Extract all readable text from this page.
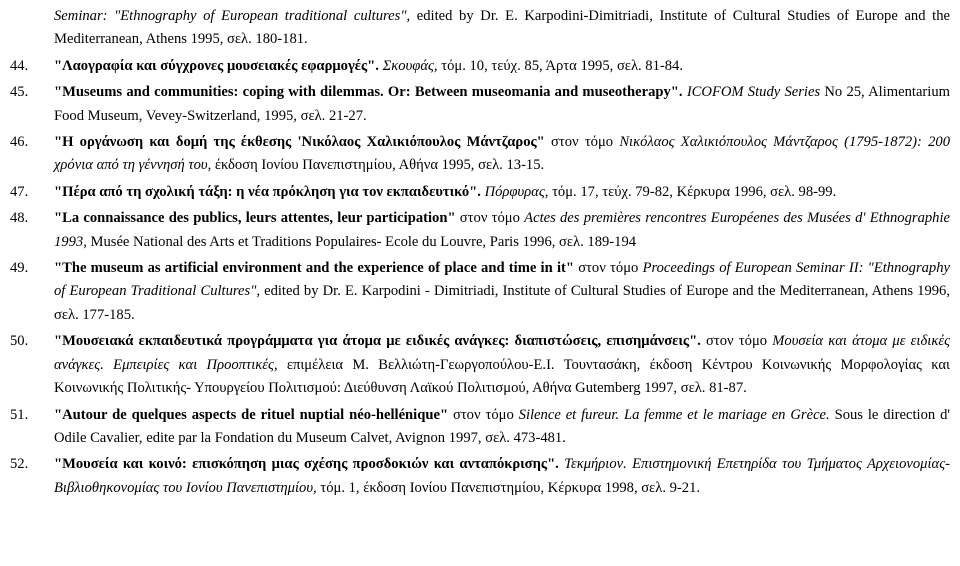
Seminar: "Ethnography of European traditional cultures", edited by Dr. E. Karpodini-Dimitriadi, Institute of Cultural Studies of Europe and the Mediterranean, Athens 1995, σελ. 180-181.
44.	"Λαογραφία και σύγχρονες μουσειακές εφαρμογές". Σκουφάς, τόμ. 10, τεύχ. 85, Άρτα 1995, σελ. 81-84.
45.	"Museums and communities: coping with dilemmas. Or: Between museomania and museotherapy". ICOFOM Study Series No 25, Alimentarium Food Museum, Vevey-Switzerland, 1995, σελ. 21-27.
46.	"Η οργάνωση και δομή της έκθεσης 'Νικόλαος Χαλικιόπουλος Μάντζαρος" στον τόμο Νικόλαος Χαλικιόπουλος Μάντζαρος (1795-1872): 200 χρόνια από τη γέννησή του, έκδοση Ιονίου Πανεπιστημίου, Αθήνα 1995, σελ. 13-15.
47.	"Πέρα από τη σχολική τάξη: η νέα πρόκληση για τον εκπαιδευτικό". Πόρφυρας, τόμ. 17, τεύχ. 79-82, Κέρκυρα 1996, σελ. 98-99.
48.	"La connaissance des publics, leurs attentes, leur participation" στον τόμο Actes des premières rencontres Européenes des Musées d' Ethnographie 1993, Musée National des Arts et Traditions Populaires- Ecole du Louvre, Paris 1996, σελ. 189-194
49.	"The museum as artificial environment and the experience of place and time in it" στον τόμο Proceedings of European Seminar II: "Ethnography of European Traditional Cultures", edited by Dr. E. Karpodini - Dimitriadi, Institute of Cultural Studies of Europe and the Mediterranean, Athens 1996, σελ. 177-185.
50.	"Μουσειακά εκπαιδευτικά προγράμματα για άτομα με ειδικές ανάγκες: διαπιστώσεις, επισημάνσεις". στον τόμο Μουσεία και άτομα με ειδικές ανάγκες. Εμπειρίες και Προοπτικές, επιμέλεια Μ. Βελλιώτη-Γεωργοπούλου-Ε.Ι. Τουντασάκη, έκδοση Κέντρου Κοινωνικής Μορφολογίας και Κοινωνικής Πολιτικής- Υπουργείου Πολιτισμού: Διεύθυνση Λαϊκού Πολιτισμού, Αθήνα Gutemberg 1997, σελ. 81-87.
51.	"Autour de quelques aspects de rituel nuptial néo-hellénique" στον τόμο Silence et fureur. La femme et le mariage en Grèce. Sous le direction d' Odile Cavalier, edite par la Fondation du Museum Calvet, Avignon 1997, σελ. 473-481.
52.	"Μουσεία και κοινό: επισκόπηση μιας σχέσης προσδοκιών και ανταπόκρισης". Τεκμήριον. Επιστημονική Επετηρίδα του Τμήματος Αρχειονομίας-Βιβλιοθηκονομίας του Ιονίου Πανεπιστημίου, τόμ. 1, έκδοση Ιονίου Πανεπιστημίου, Κέρκυρα 1998, σελ. 9-21.
